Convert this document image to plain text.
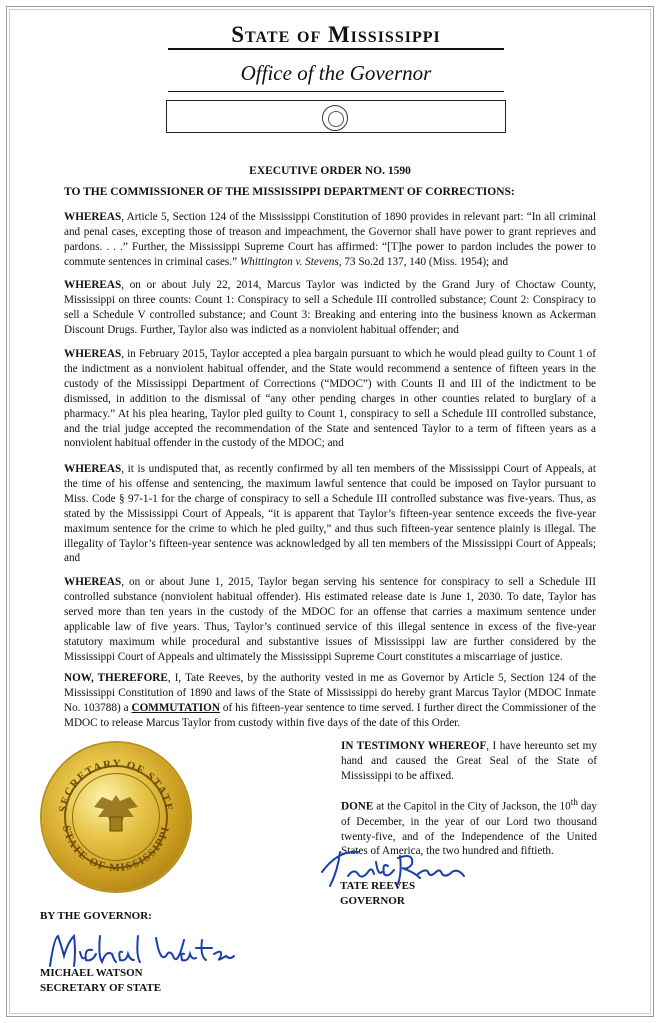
State of Mississippi
Office of the Governor
EXECUTIVE ORDER NO. 1590
TO THE COMMISSIONER OF THE MISSISSIPPI DEPARTMENT OF CORRECTIONS:

WHEREAS, Article 5, Section 124 of the Mississippi Constitution of 1890 provides in relevant part: “In all criminal and penal cases, excepting those of treason and impeachment, the Governor shall have power to grant reprieves and pardons. . . .” Further, the Mississippi Supreme Court has affirmed: “[T]he power to pardon includes the power to commute sentences in criminal cases.” Whittington v. Stevens, 73 So.2d 137, 140 (Miss. 1954); and

WHEREAS, on or about July 22, 2014, Marcus Taylor was indicted by the Grand Jury of Choctaw County, Mississippi on three counts: Count 1: Conspiracy to sell a Schedule III controlled substance; Count 2: Conspiracy to sell a Schedule V controlled substance; and Count 3: Breaking and entering into the business known as Ackerman Discount Drugs. Further, Taylor also was indicted as a nonviolent habitual offender; and

WHEREAS, in February 2015, Taylor accepted a plea bargain pursuant to which he would plead guilty to Count 1 of the indictment as a nonviolent habitual offender, and the State would recommend a sentence of fifteen years in the custody of the Mississippi Department of Corrections (“MDOC”) with Counts II and III of the indictment to be dismissed, in addition to the dismissal of “any other pending charges in other counties related to burglary of a pharmacy.” At his plea hearing, Taylor pled guilty to Count 1, conspiracy to sell a Schedule III controlled substance, and the trial judge accepted the recommendation of the State and sentenced Taylor to a term of fifteen years as a nonviolent habitual offender in the custody of the MDOC; and

WHEREAS, it is undisputed that, as recently confirmed by all ten members of the Mississippi Court of Appeals, at the time of his offense and sentencing, the maximum lawful sentence that could be imposed on Taylor pursuant to Miss. Code § 97-1-1 for the charge of conspiracy to sell a Schedule III controlled substance was five-years. Thus, as stated by the Mississippi Court of Appeals, “it is apparent that Taylor’s fifteen-year sentence exceeds the five-year maximum sentence for the crime to which he pled guilty,” and thus such fifteen-year sentence plainly is illegal. The illegality of Taylor’s fifteen-year sentence was acknowledged by all ten members of the Mississippi Court of Appeals; and

WHEREAS, on or about June 1, 2015, Taylor began serving his sentence for conspiracy to sell a Schedule III controlled substance (nonviolent habitual offender). His estimated release date is June 1, 2030. To date, Taylor has served more than ten years in the custody of the MDOC for an offense that carries a maximum sentence under applicable law of five years. Thus, Taylor’s continued service of this illegal sentence in excess of the five-year statutory maximum while procedural and substantive issues of Mississippi law are further considered by the Mississippi Court of Appeals and ultimately the Mississippi Supreme Court constitutes a miscarriage of justice.

NOW, THEREFORE, I, Tate Reeves, by the authority vested in me as Governor by Article 5, Section 124 of the Mississippi Constitution of 1890 and laws of the State of Mississippi do hereby grant Marcus Taylor (MDOC Inmate No. 103788) a COMMUTATION of his fifteen-year sentence to time served. I further direct the Commissioner of the MDOC to release Marcus Taylor from custody within five days of the date of this Order.

IN TESTIMONY WHEREOF, I have hereunto set my hand and caused the Great Seal of the State of Mississippi to be affixed.

DONE at the Capitol in the City of Jackson, the 10th day of December, in the year of our Lord two thousand twenty-five, and of the Independence of the United States of America, the two hundred and fiftieth.

TATE REEVES
GOVERNOR
SECRETARY OF STATE
STATE OF MISSISSIPPI
BY THE GOVERNOR:
MICHAEL WATSON
SECRETARY OF STATE
